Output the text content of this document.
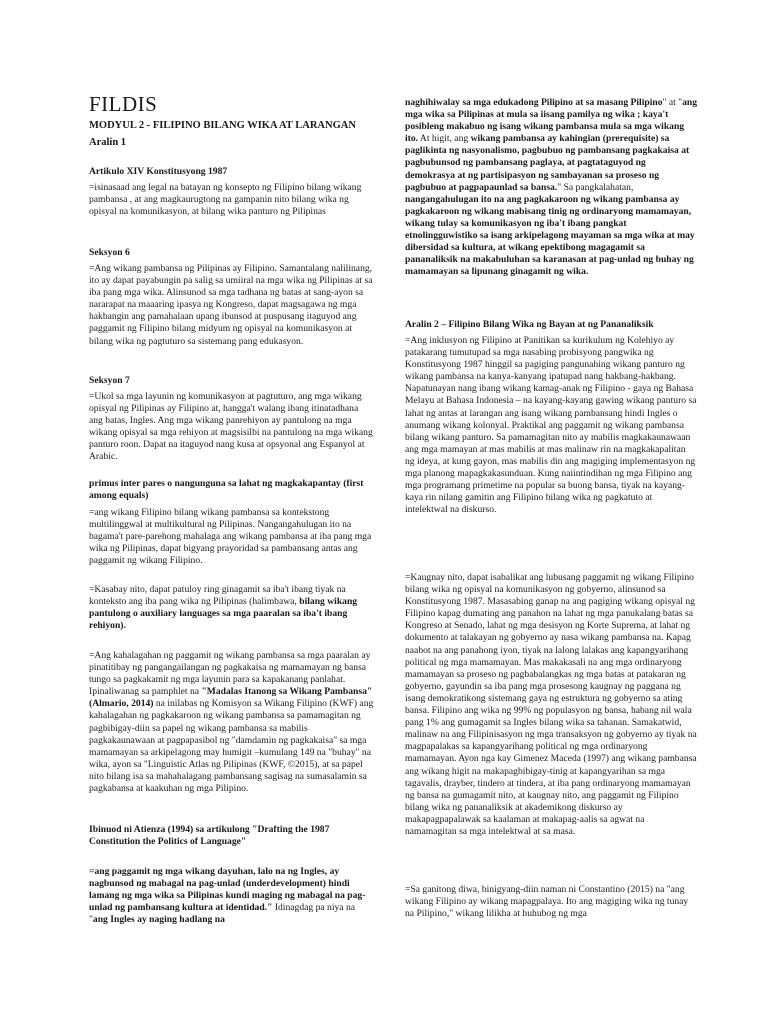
FILDIS
MODYUL 2 - FILIPINO BILANG WIKA AT LARANGAN
Aralin 1
Artikulo XIV Konstitusyong 1987
=isinasaad ang legal na batayan ng konsepto ng Filipino bilang wikang pambansa , at ang magkaurugtong na gampanin nito bilang wika ng opisyal na komunikasyon, at bilang wika panturo ng Pilipinas
Seksyon 6
=Ang wikang pambansa ng Pilipinas ay Filipino. Samantalang nalilinang, ito ay dapat payabungin pa salig sa umiiral na mga wika ng Pilipinas at sa iba pang mga wika. Alinsunod sa mga tadhana ng batas at sang-ayon sa nararapat na maaaring ipasya ng Kongreso, dapat magsagawa ng mga hakbangin ang pamahalaan upang ibunsod at puspusang itaguyod ang paggamit ng Filipino bilang midyum ng opisyal na komunikasyon at bilang wika ng pagtuturo sa sistemang pang edukasyon.
Seksyon 7
=Ukol sa mga layunin ng komunikasyon at pagtuturo, ang mga wikang opisyal ng Pilipinas ay Filipino at, hangga't walang ibang itinatadhana ang batas, Ingles. Ang mga wikang panrehiyon ay pantulong na mga wikang opisyal sa mga rehiyon at magsisilbi na pantulong na mga wikang panturo roon. Dapat na itaguyod nang kusa at opsyonal ang Espanyol at Arabic.
primus inter pares o nangunguna sa lahat ng magkakapantay (first among equals)
=ang wikang Filipino bilang wikang pambansa sa kontekstong multilinggwal at multikultural ng Pilipinas. Nangangahulugan ito na bagama't pare-parehong mahalaga ang wikang pambansa at iba pang mga wika ng Pilipinas, dapat bigyang prayoridad sa pambansang antas ang paggamit ng wikang Filipino.
=Kasabay nito, dapat patuloy ring ginagamit sa iba't ibang tiyak na konteksto ang iba pang wika ng Pilipinas (halimbawa, bilang wikang pantulong o auxiliary languages sa mga paaralan sa iba't ibang rehiyon).
=Ang kahalagahan ng paggamit ng wikang pambansa sa mga paaralan ay pinatitibay ng pangangailangan ng pagkakaisa ng mamamayan ng bansa tungo sa pagkakamit ng mga layunin para sa kapakanang panlahat. Ipinaliwanag sa pamphlet na "Madalas Itanong sa Wikang Pambansa" (Almario, 2014) na inilabas ng Komisyon sa Wikang Filipino (KWF) ang kahalagahan ng pagkakaroon ng wikang pambansa sa pamamagitan ng pagbibigay-diin sa papel ng wikang pambansa sa mabilis pagkakaunawaan at pagpapasibol ng "damdamin ng pagkakaisa" sa mga mamamayan sa arkipelagong may humigit –kumulang 149 na "buhay" na wika, ayon sa "Linguistic Atlas ng Pilipinas (KWF, ©2015), at sa papel nito bilang isa sa mahahalagang pambansang sagisag na sumasalamin sa pagkabansa at kaakuhan ng mga Pilipino.
Ibinuod ni Atienza (1994) sa artikulong "Drafting the 1987 Constitution the Politics of Language"
=ang paggamit ng mga wikang dayuhan, lalo na ng Ingles, ay nagbunsod ng mabagal na pag-unlad (underdevelopment) hindi lamang ng mga wika sa Pilipinas kundi maging ng mabagal na pag-unlad ng pambansang kultura at identidad." Idinagdag pa niya na "ang Ingles ay naging hadlang na
naghihiwalay sa mga edukadong Pilipino at sa masang Pilipino" at "ang mga wika sa Pilipinas at mula sa iisang pamilya ng wika ; kaya't posibleng makabuo ng isang wikang pambansa mula sa mga wikang ito. At higit, ang wikang pambansa ay kahingian (prerequisite) sa paglikinta ng nasyonalismo, pagbubuo ng pambansang pagkakaisa at pagbubunsod ng pambansang paglaya, at pagtataguyod ng demokrasya at ng partisipasyon ng sambayanan sa proseso ng pagbubuo at pagpapaunlad sa bansa." Sa pangkalahatan, nangangahulugan ito na ang pagkakaroon ng wikang pambansa ay pagkakaroon ng wikang mabisang tinig ng ordinaryong mamamayan, wikang tulay sa komunikasyon ng iba't ibang pangkat etnolingguwistiko sa isang arkipelagong mayaman sa mga wika at may dibersidad sa kultura, at wikang epektibong magagamit sa pananaliksik na makabuluhan sa karanasan at pag-unlad ng buhay ng mamamayan sa lipunang ginagamit ng wika.
Aralin 2 – Filipino Bilang Wika ng Bayan at ng Pananaliksik
=Ang inklusyon ng Filipino at Panitikan sa kurikulum ng Kolehiyo ay patakarang tumutupad sa mga nasabing probisyong pangwika ng Konstitusyong 1987 hinggil sa pagiging pangunahing wikang panturo ng wikang pambansa na kanya-kanyang ipatupad nang hakbang-hakbang. Napatunayan nang ibang wikang kamag-anak ng Filipino - gaya ng Bahasa Melayu at Bahasa Indonesia – na kayang-kayang gawing wikang panturo sa lahat ng antas at larangan ang isang wikang pambansang hindi Ingles o anumang wikang kolonyal. Praktikal ang paggamit ng wikang pambansa bilang wikang panturo. Sa pamamagitan nito ay mabilis magkakaunawaan ang mga mamayan at mas mabilis at mas malinaw rin na magkakapalitan ng ideya, at kung gayon, mas mabilis din ang magiging implementasyon ng mga planong mapagkakasunduan. Kung naiintindihan ng mga Filipino ang mga programang primetime na popular sa buong bansa, tiyak na kayang-kaya rin nilang gamitin ang Filipino bilang wika ng pagkatuto at intelektwal na diskurso.
=Kaugnay nito, dapat isabalikat ang lubusang paggamit ng wikang Filipino bilang wika ng opisyal na komunikasyon ng gobyerno, alinsunod sa Konstitusyong 1987. Masasabing ganap na ang pagiging wikang opisyal ng Filipino kapag dumating ang panahon na lahat ng mga panukalang batas sa Kongreso at Senado, lahat ng mga desisyon ng Korte Suprema, at lahat ng dokumento at talakayan ng gobyerno ay nasa wikang pambansa na. Kapag naabot na ang panahong iyon, tiyak na lalong lalakas ang kapangyarihang political ng mga mamamayan. Mas makakasali na ang mga ordinaryong mamamayan sa proseso ng pagbabalangkas ng mga batas at patakaran ng gobyerno, gayundin sa iba pang mga prosesong kaugnay ng paggana ng isang demokratikong sistemang gaya ng estruktura ng gobyerno sa ating bansa. Filipino ang wika ng 99% ng populasyon ng bansa, habang nil wala pang 1% ang gumagamit sa Ingles bilang wika sa tahanan. Samakatwid, malinaw na ang Filipinisasyon ng mga transaksyon ng gobyerno ay tiyak na magpapalakas sa kapangyarihang political ng mga ordinaryong mamamayan. Ayon nga kay Gimenez Maceda (1997) ang wikang pambansa ang wikang higit na makapagbibigay-tinig at kapangyarihan sa mga tagavalis, drayber, tindero at tindera, at iba pang ordinaryong mamamayan ng bansa na gumagamit nito, at kaugnay nito, ang paggamit ng Filipino bilang wika ng pananaliksik at akademikong diskurso ay makapagpapalawak sa kaalaman at makapag-aalis sa agwat na namamagitan sa mga intelektwal at sa masa.
=Sa ganitong diwa, binigyang-diin naman ni Constantino (2015) na "ang wikang Filipino ay wikang mapagpalaya. Ito ang magiging wika ng tunay na Pilipino," wikang lilikha at huhubog ng mga
